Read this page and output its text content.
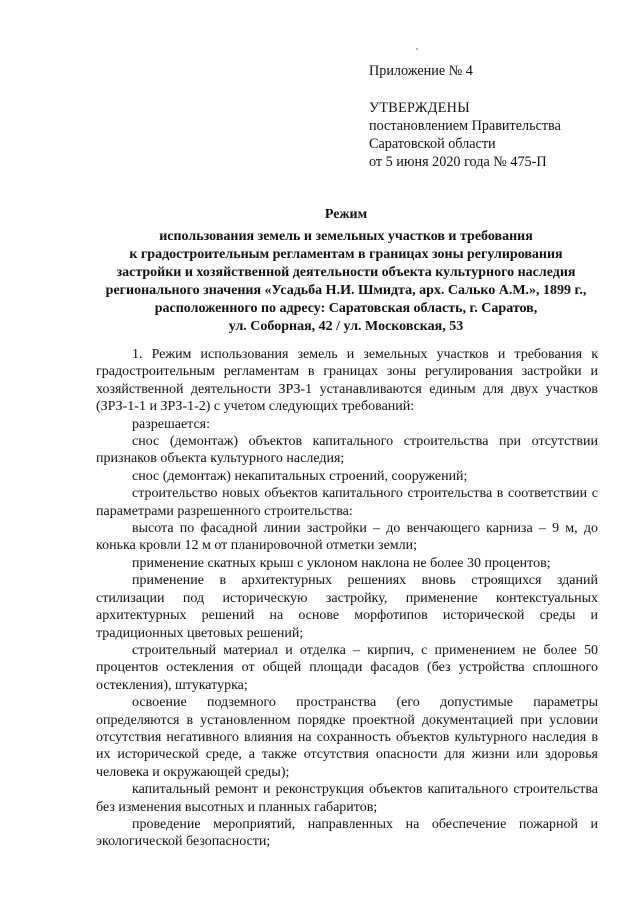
Приложение № 4

УТВЕРЖДЕНЫ

постановлением Правительства

Саратовской области

от 5 июня 2020 года № 475-П

Режим

использования земель и земельных участков и требования

к градостроительным регламентам в границах зоны регулирования

застройки и хозяйственной деятельности объекта культурного наследия

регионального значения «Усадьба Н.И. Шмидта, арх. Салько А.М.», 1899 г.,

расположенного по адресу: Саратовская область, г. Саратов,

ул. Соборная, 42 / ул. Московская, 53

1. Режим использования земель и земельных участков и требования к градостроительным регламентам в границах зоны регулирования застройки и хозяйственной деятельности ЗРЗ-1 устанавливаются единым для двух участков (ЗРЗ-1-1 и ЗРЗ-1-2) с учетом следующих требований:

разрешается:

снос (демонтаж) объектов капитального строительства при отсутствии признаков объекта культурного наследия;

снос (демонтаж) некапитальных строений, сооружений;

строительство новых объектов капитального строительства в соответствии с параметрами разрешенного строительства:

высота по фасадной линии застройки – до венчающего карниза – 9 м, до конька кровли 12 м от планировочной отметки земли;

применение скатных крыш с уклоном наклона не более 30 процентов;

применение в архитектурных решениях вновь строящихся зданий стилизации под историческую застройку, применение контекстуальных архитектурных решений на основе морфотипов исторической среды и традиционных цветовых решений;

строительный материал и отделка – кирпич, с применением не более 50 процентов остекления от общей площади фасадов (без устройства сплошного остекления), штукатурка;

освоение подземного пространства (его допустимые параметры определяются в установленном порядке проектной документацией при условии отсутствия негативного влияния на сохранность объектов культурного наследия в их исторической среде, а также отсутствия опасности для жизни или здоровья человека и окружающей среды);

капитальный ремонт и реконструкция объектов капитального строительства без изменения высотных и планных габаритов;

проведение мероприятий, направленных на обеспечение пожарной и экологической безопасности;
